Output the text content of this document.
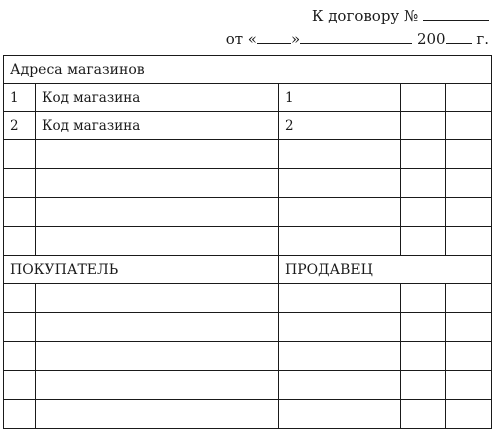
К договору №
от « »	200 г.
Адреса магазинов				
1	Код магазина	1		
2	Код магазина	2		

ПОКУПАТЕЛЬ		ПРОДАВЕЦ		
